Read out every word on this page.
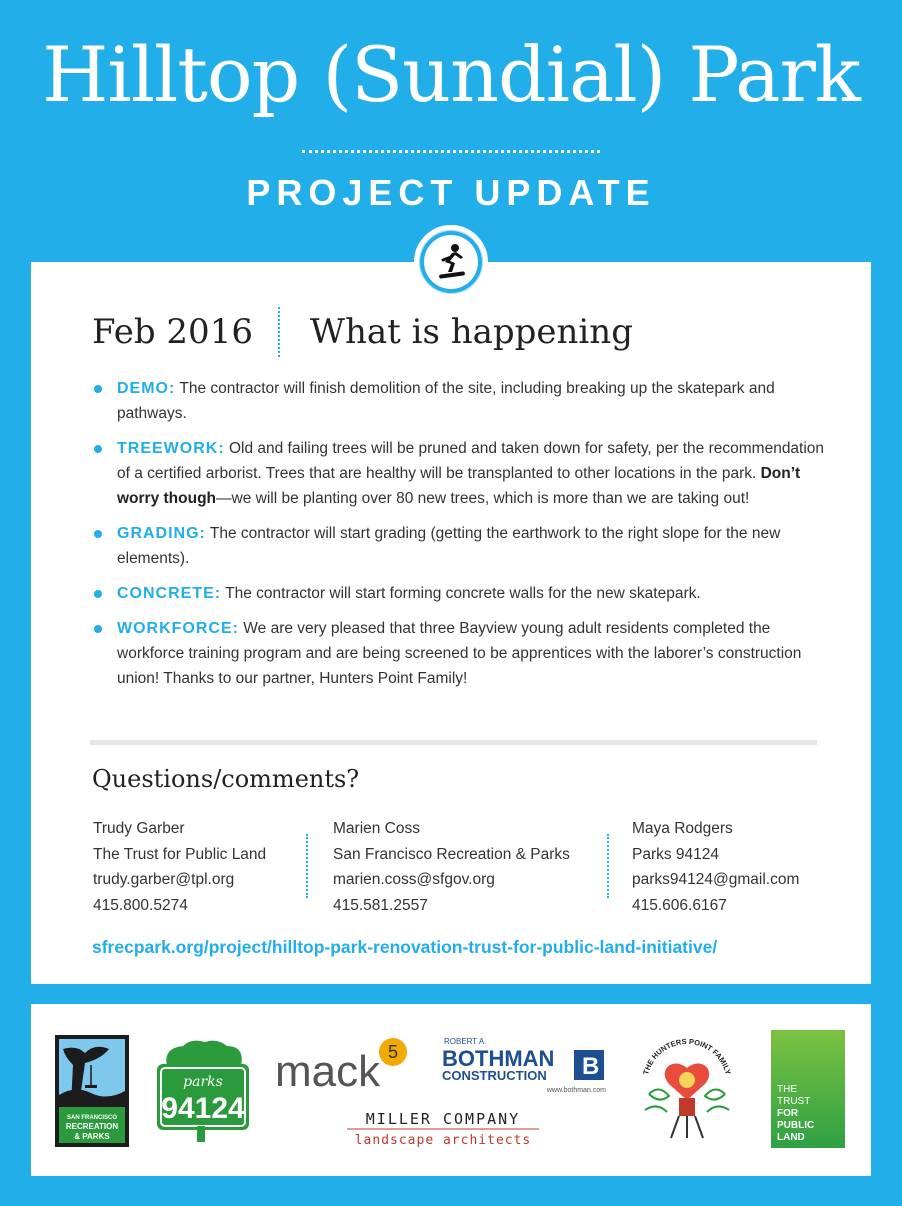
Hilltop (Sundial) Park
PROJECT UPDATE
Feb 2016 What is happening
DEMO: The contractor will finish demolition of the site, including breaking up the skatepark and pathways.
TREEWORK: Old and failing trees will be pruned and taken down for safety, per the recommendation of a certified arborist. Trees that are healthy will be transplanted to other locations in the park. Don’t worry though—we will be planting over 80 new trees, which is more than we are taking out!
GRADING: The contractor will start grading (getting the earthwork to the right slope for the new elements).
CONCRETE: The contractor will start forming concrete walls for the new skatepark.
WORKFORCE: We are very pleased that three Bayview young adult residents completed the workforce training program and are being screened to be apprentices with the laborer’s construction union! Thanks to our partner, Hunters Point Family!
Questions/comments?
Trudy Garber
The Trust for Public Land
trudy.garber@tpl.org
415.800.5274
Marien Coss
San Francisco Recreation & Parks
marien.coss@sfgov.org
415.581.2557
Maya Rodgers
Parks 94124
parks94124@gmail.com
415.606.6167
sfrecpark.org/project/hilltop-park-renovation-trust-for-public-land-initiative/
SAN FRANCISCO
RECREATION
& PARKS
parks
94124
5
mack
ROBERT A.
BOTHMAN
CONSTRUCTION B
www.bothman.com
MILLER COMPANY
landscape architects
THE HUNTERS POINT FAMILY
THE
TRUST
FOR
PUBLIC
LAND
